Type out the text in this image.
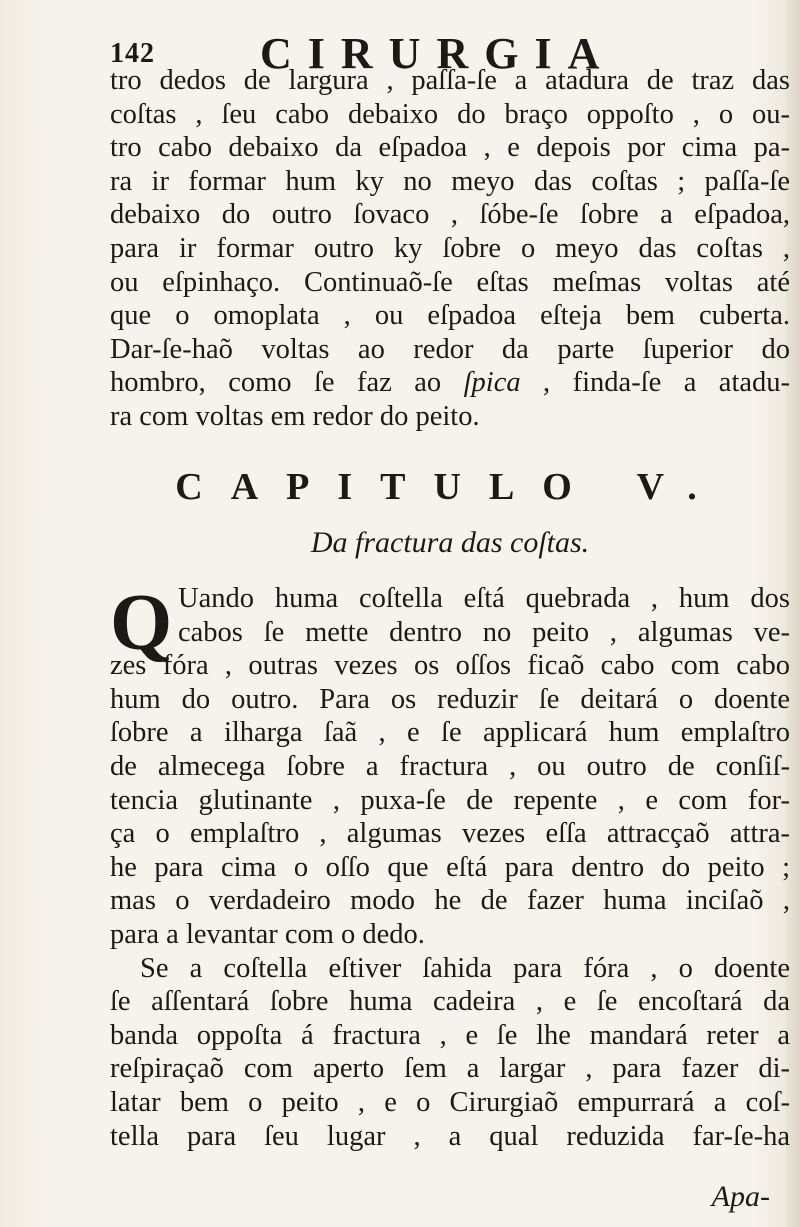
142 CIRURGIA
tro dedos de largura , paſſa-ſe a atadura de traz das
coſtas , ſeu cabo debaixo do braço oppoſto , o ou-
tro cabo debaixo da eſpadoa , e depois por cima pa-
ra ir formar hum ky no meyo das coſtas ; paſſa-ſe
debaixo do outro ſovaco , ſóbe-ſe ſobre a eſpadoa,
para ir formar outro ky ſobre o meyo das coſtas ,
ou eſpinhaço. Continuaõ-ſe eſtas meſmas voltas até
que o omoplata , ou eſpadoa eſteja bem cuberta.
Dar-ſe-haõ voltas ao redor da parte ſuperior do
hombro, como ſe faz ao ſpica , finda-ſe a atadu-
ra com voltas em redor do peito.
CAPITULO V.
Da fractura das coſtas.
Q Uando huma coſtella eſtá quebrada , hum dos
cabos ſe mette dentro no peito , algumas ve-
zes fóra , outras vezes os oſſos ficaõ cabo com cabo
hum do outro. Para os reduzir ſe deitará o doente
ſobre a ilharga ſaã , e ſe applicará hum emplaſtro
de almecega ſobre a fractura , ou outro de conſiſ-
tencia glutinante , puxa-ſe de repente , e com for-
ça o emplaſtro , algumas vezes eſſa attracçaõ attra-
he para cima o oſſo que eſtá para dentro do peito ;
mas o verdadeiro modo he de fazer huma inciſaõ ,
para a levantar com o dedo.
Se a coſtella eſtiver ſahida para fóra , o doente
ſe aſſentará ſobre huma cadeira , e ſe encoſtará da
banda oppoſta á fractura , e ſe lhe mandará reter a
reſpiraçaõ com aperto ſem a largar , para fazer di-
latar bem o peito , e o Cirurgiaõ empurrará a coſ-
tella para ſeu lugar , a qual reduzida far-ſe-ha
Apa-
